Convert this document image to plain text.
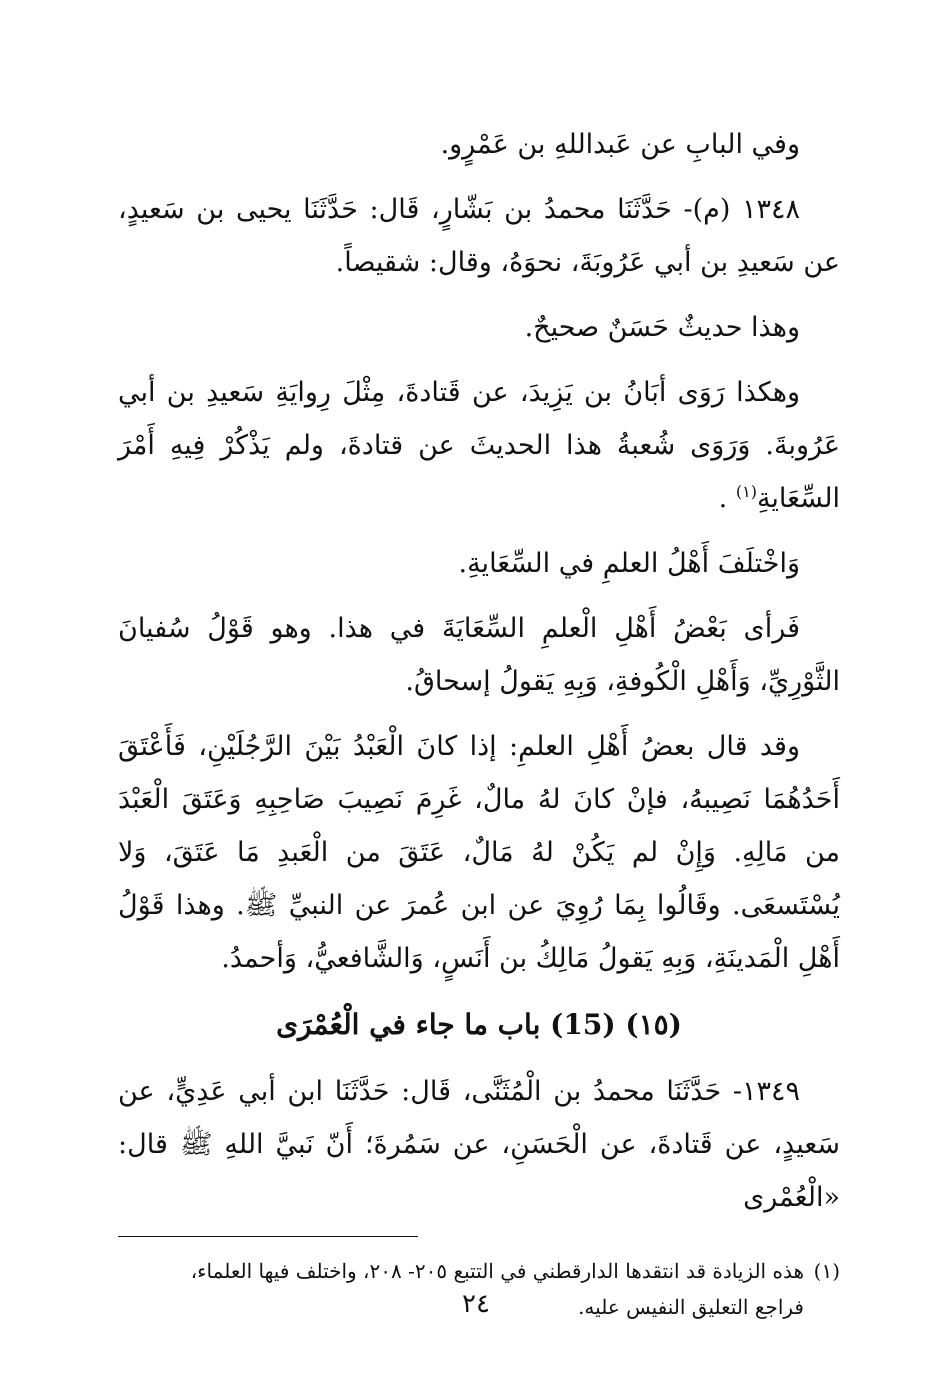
وفي البابِ عن عَبداللهِ بن عَمْرٍو.

١٣٤٨ (م)- حَدَّثَنَا محمدُ بن بَشّارٍ، قَال: حَدَّثَنَا يحيى بن سَعيدٍ، عن سَعيدِ بن أبي عَرُوبَةَ، نحوَهُ، وقال: شقيصاً.

وهذا حديثٌ حَسَنٌ صحيحٌ.

وهكذا رَوَى أبَانُ بن يَزِيدَ، عن قَتادةَ، مِثْلَ رِوايَةِ سَعيدِ بن أبي عَرُوبةَ. وَرَوَى شُعبةُ هذا الحديثَ عن قتادةَ، ولم يَذْكُرْ فِيهِ أَمْرَ السِّعَايةِ$^{(١)}$ .

وَاخْتلَفَ أَهْلُ العلمِ في السِّعَايةِ.

فَرأى بَعْضُ أَهْلِ الْعلمِ السِّعَايَةَ في هذا. وهو قَوْلُ سُفيانَ الثَّوْرِيِّ، وَأَهْلِ الْكُوفةِ، وَبِهِ يَقولُ إسحاقُ.

وقد قال بعضُ أَهْلِ العلمِ: إذا كانَ الْعَبْدُ بَيْنَ الرَّجُلَيْنِ، فَأَعْتَقَ أَحَدُهُمَا نَصِيبهُ، فإنْ كانَ لهُ مالٌ، غَرِمَ نَصِيبَ صَاحِبِهِ وَعَتَقَ الْعَبْدَ من مَالِهِ. وَإِنْ لم يَكُنْ لهُ مَالٌ، عَتَقَ من الْعَبدِ مَا عَتَقَ، وَلا يُسْتَسعَى. وقَالُوا بِمَا رُوِيَ عن ابن عُمرَ عن النبيِّ ﷺ. وهذا قَوْلُ أَهْلِ الْمَدينَةِ، وَبِهِ يَقولُ مَالِكُ بن أَنَسٍ، وَالشَّافعيُّ، وَأحمدُ.

(١٥) (15) باب ما جاء في الْعُمْرَى

١٣٤٩- حَدَّثَنَا محمدُ بن الْمُثَنَّى، قَال: حَدَّثَنَا ابن أبي عَدِيٍّ، عن سَعيدٍ، عن قَتادةَ، عن الْحَسَنِ، عن سَمُرةَ؛ أَنّ نَبيَّ اللهِ ﷺ قال: «الْعُمْرى

(١)هذه الزيادة قد انتقدها الدارقطني في التتبع ٢٠٥- ٢٠٨، واختلف فيها العلماء،

فراجع التعليق النفيس عليه.

٢٤
